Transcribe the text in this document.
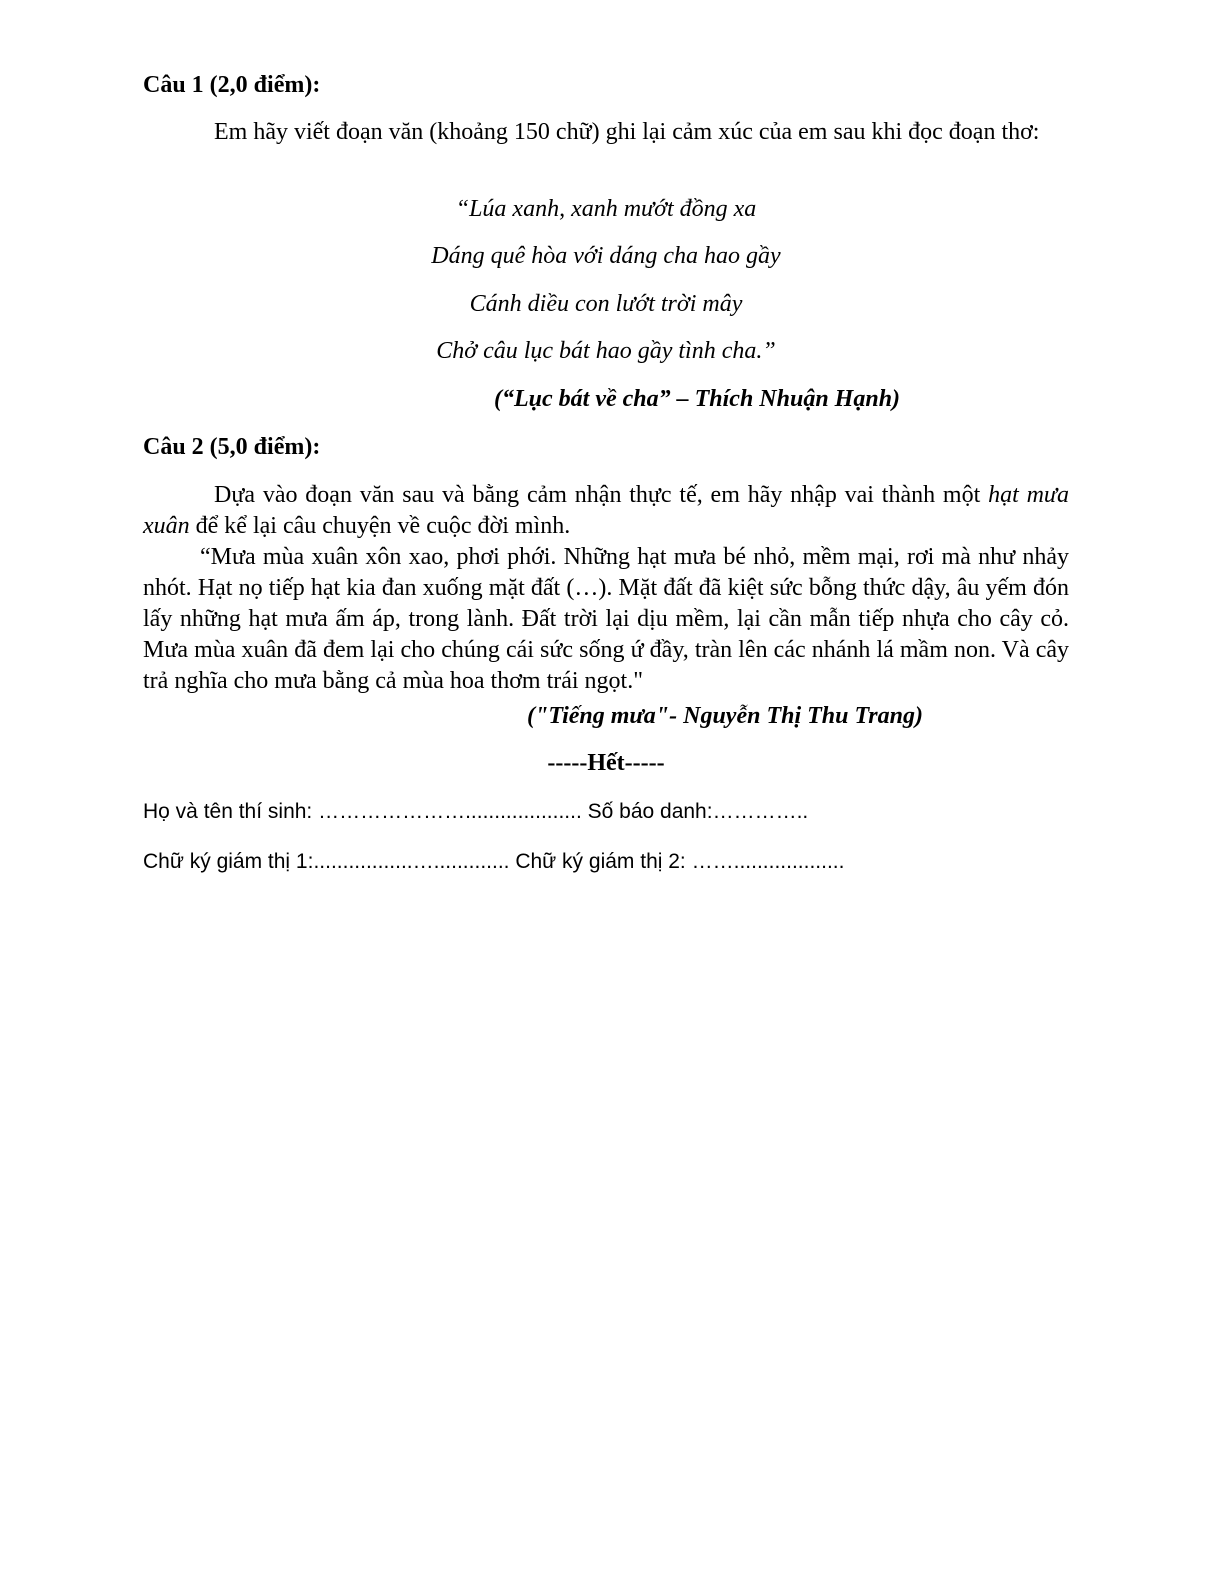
Câu 1 (2,0 điểm):

Em hãy viết đoạn văn (khoảng 150 chữ) ghi lại cảm xúc của em sau khi đọc đoạn thơ:

“Lúa xanh, xanh mướt đồng xa
Dáng quê hòa với dáng cha hao gầy
Cánh diều con lướt trời mây
Chở câu lục bát hao gầy tình cha.”
(“Lục bát về cha” – Thích Nhuận Hạnh)
Câu 2 (5,0 điểm):

Dựa vào đoạn văn sau và bằng cảm nhận thực tế, em hãy nhập vai thành một hạt mưa xuân để kể lại câu chuyện về cuộc đời mình.

“Mưa mùa xuân xôn xao, phơi phới. Những hạt mưa bé nhỏ, mềm mại, rơi mà như nhảy nhót. Hạt nọ tiếp hạt kia đan xuống mặt đất (…). Mặt đất đã kiệt sức bỗng thức dậy, âu yếm đón lấy những hạt mưa ấm áp, trong lành. Đất trời lại dịu mềm, lại cần mẫn tiếp nhựa cho cây cỏ. Mưa mùa xuân đã đem lại cho chúng cái sức sống ứ đầy, tràn lên các nhánh lá mầm non. Và cây trả nghĩa cho mưa bằng cả mùa hoa thơm trái ngọt."

("Tiếng mưa"- Nguyễn Thị Thu Trang)
-----Hết-----
Họ và tên thí sinh: ………………….................... Số báo danh:…………..
Chữ ký giám thị 1:.................…............. Chữ ký giám thị 2: ……...................
